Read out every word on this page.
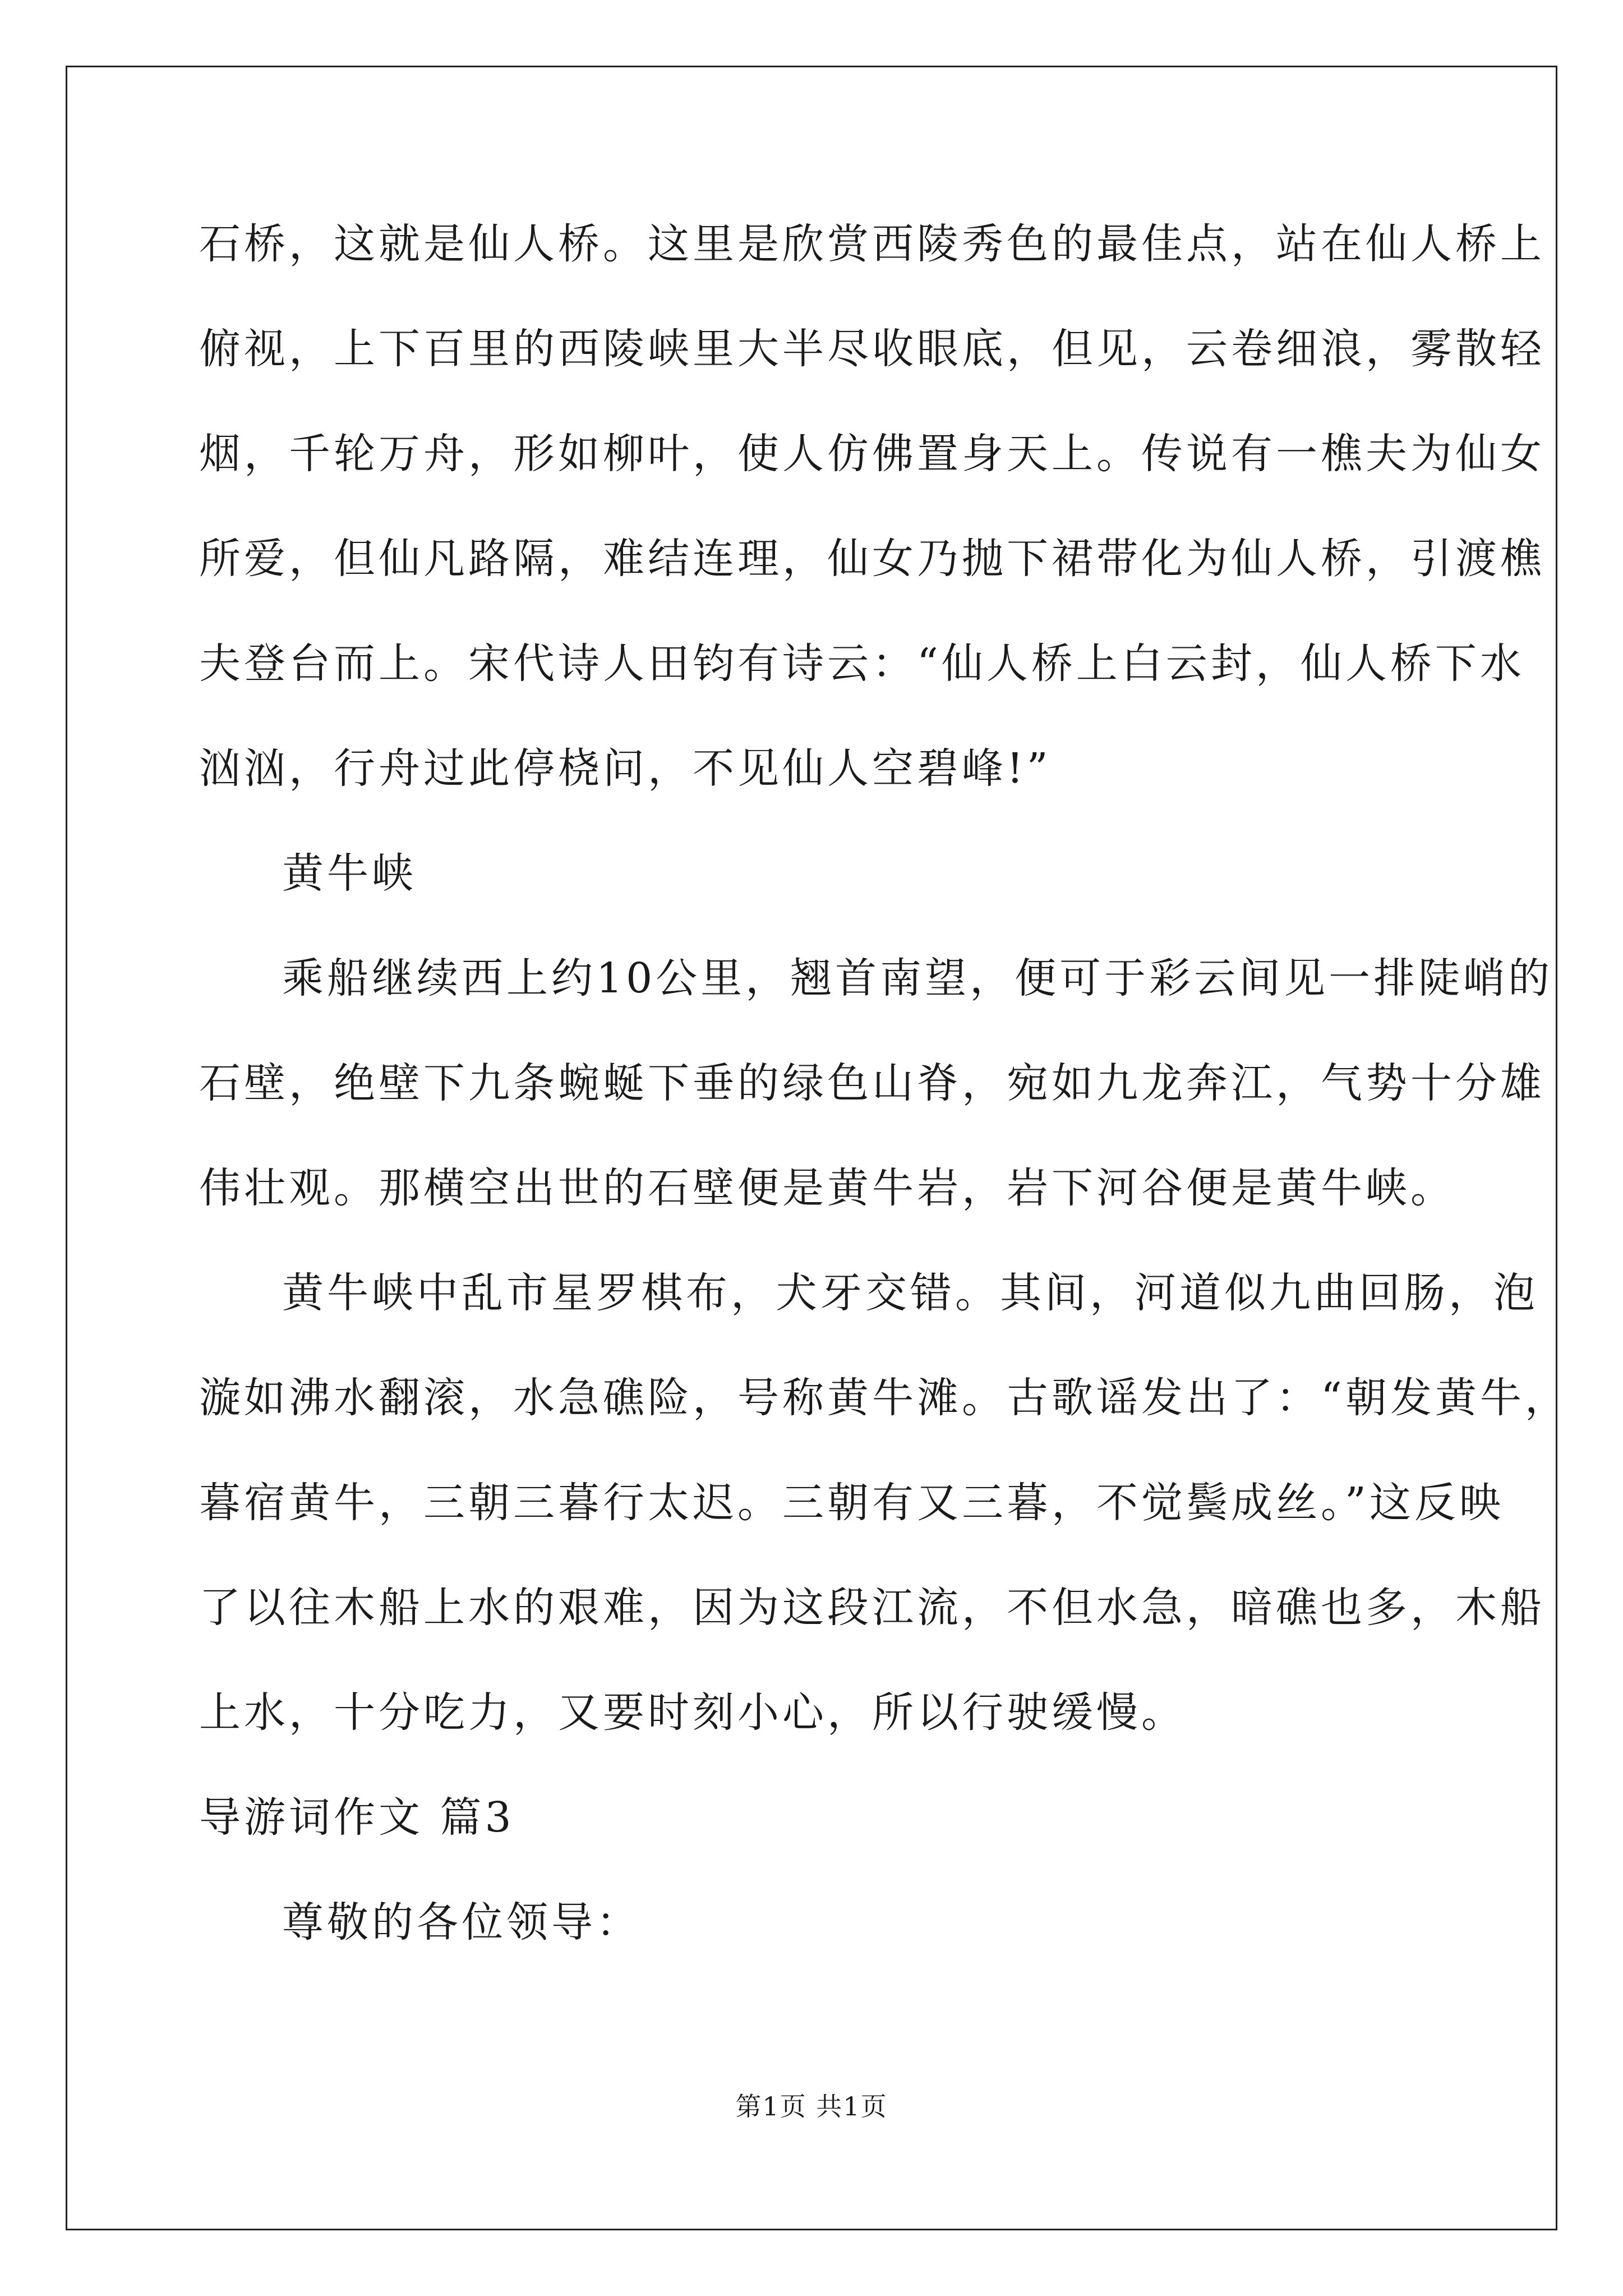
石桥，这就是仙人桥。这里是欣赏西陵秀色的最佳点，站在仙人桥上
俯视，上下百里的西陵峡里大半尽收眼底，但见，云卷细浪，雾散轻
烟，千轮万舟，形如柳叶，使人仿佛置身天上。传说有一樵夫为仙女
所爱，但仙凡路隔，难结连理，仙女乃抛下裙带化为仙人桥，引渡樵
夫登台而上。宋代诗人田钧有诗云：“仙人桥上白云封，仙人桥下水
汹汹，行舟过此停桡问，不见仙人空碧峰!”
黄牛峡
乘船继续西上约10公里，翘首南望，便可于彩云间见一排陡峭的
石壁，绝壁下九条蜿蜒下垂的绿色山脊，宛如九龙奔江，气势十分雄
伟壮观。那横空出世的石壁便是黄牛岩，岩下河谷便是黄牛峡。
黄牛峡中乱市星罗棋布，犬牙交错。其间，河道似九曲回肠，泡
漩如沸水翻滚，水急礁险，号称黄牛滩。古歌谣发出了：“朝发黄牛，
暮宿黄牛，三朝三暮行太迟。三朝有又三暮，不觉鬓成丝。”这反映
了以往木船上水的艰难，因为这段江流，不但水急，暗礁也多，木船
上水，十分吃力，又要时刻小心，所以行驶缓慢。
导游词作文 篇3
尊敬的各位领导：
第1页 共1页
